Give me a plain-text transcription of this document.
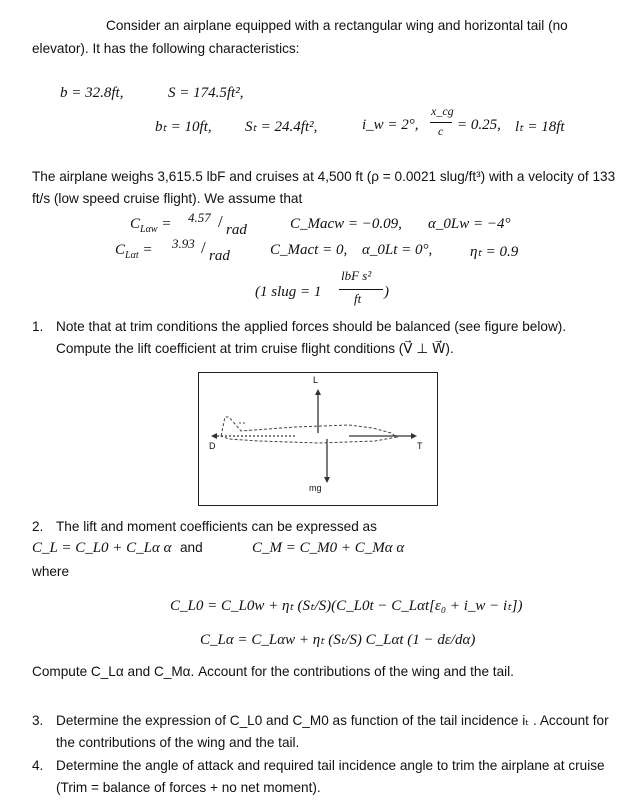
Consider an airplane equipped with a rectangular wing and horizontal tail (no elevator). It has the following characteristics:

b = 32.8ft,	S = 174.5ft²,
bₜ = 10ft, Sₜ = 24.4ft²,	i_w = 2°,
x_cg
c = 0.25, lₜ = 18ft

The airplane weighs 3,615.5 lbF and cruises at 4,500 ft (ρ = 0.0021 slug/ft³) with a velocity of 133 ft/s (low speed cruise flight). We assume that

$C_{L\alpha w} = 4.57$ / rad	C_Macw = −0.09, α_0Lw = −4°
$C_{L\alpha t} = 3.93$ / rad	C_Mact = 0, α_0Lt = 0°,	ηₜ = 0.9
(1 slug = 1
lbF s²
ft )
1. Note that at trim conditions the applied forces should be balanced (see figure below). Compute the lift coefficient at trim cruise flight conditions (V⃗ ⊥ W⃗).
L
D	T
mg
2. The lift and moment coefficients can be expressed as
C_L = C_L0 + C_Lα α and	C_M = C_M0 + C_Mα α
where
C_L0 = C_L0w + ηₜ (Sₜ/S)(C_L0t − C_Lαt[ε₀ + i_w − iₜ])
C_Lα = C_Lαw + ηₜ (Sₜ/S) C_Lαt (1 − dε/dα)
Compute C_Lα and C_Mα. Account for the contributions of the wing and the tail.
3. Determine the expression of C_L0 and C_M0 as function of the tail incidence iₜ . Account for the contributions of the wing and the tail.
4. Determine the angle of attack and required tail incidence angle to trim the airplane at cruise (Trim = balance of forces + no net moment).
